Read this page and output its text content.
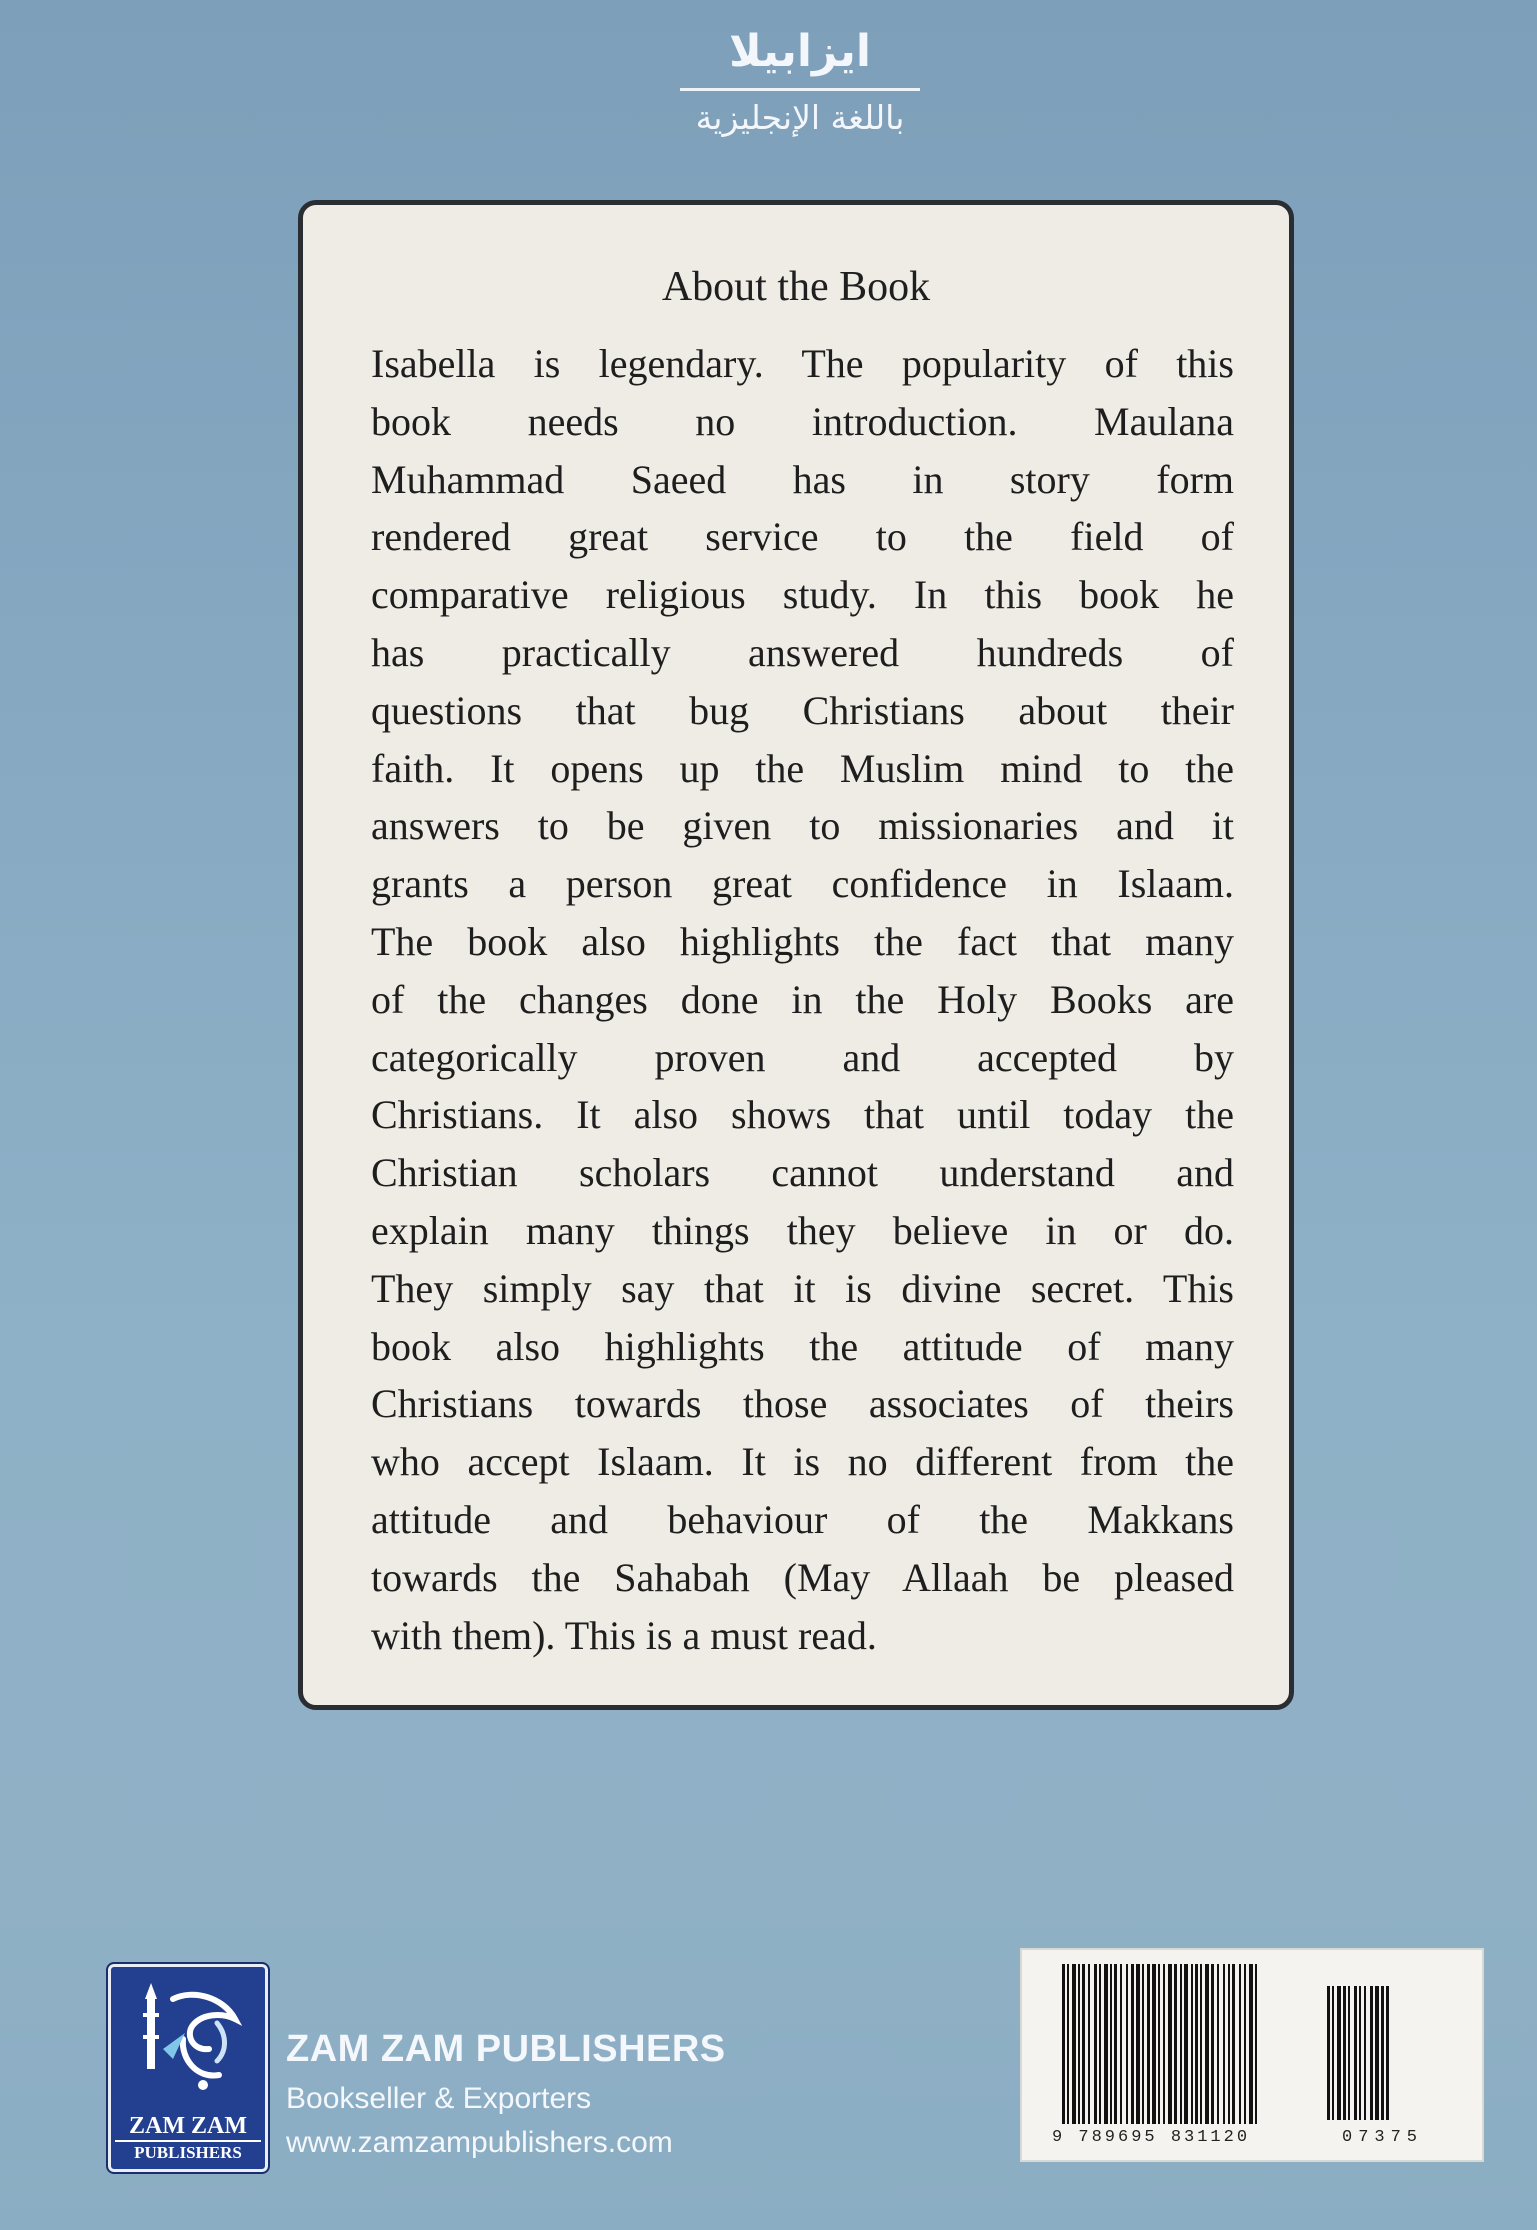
ايزابيلا
باللغة الإنجليزية
About the Book
Isabella is legendary. The popularity of this
book needs no introduction. Maulana
Muhammad Saeed has in story form
rendered great service to the field of
comparative religious study. In this book he
has practically answered hundreds of
questions that bug Christians about their
faith. It opens up the Muslim mind to the
answers to be given to missionaries and it
grants a person great confidence in Islaam.
The book also highlights the fact that many
of the changes done in the Holy Books are
categorically proven and accepted by
Christians. It also shows that until today the
Christian scholars cannot understand and
explain many things they believe in or do.
They simply say that it is divine secret. This
book also highlights the attitude of many
Christians towards those associates of theirs
who accept Islaam. It is no different from the
attitude and behaviour of the Makkans
towards the Sahabah (May Allaah be pleased
with them). This is a must read.
ZAM ZAM
PUBLISHERS
ZAM ZAM PUBLISHERS
Bookseller & Exporters
www.zamzampublishers.com	9 789695 831120	07375
